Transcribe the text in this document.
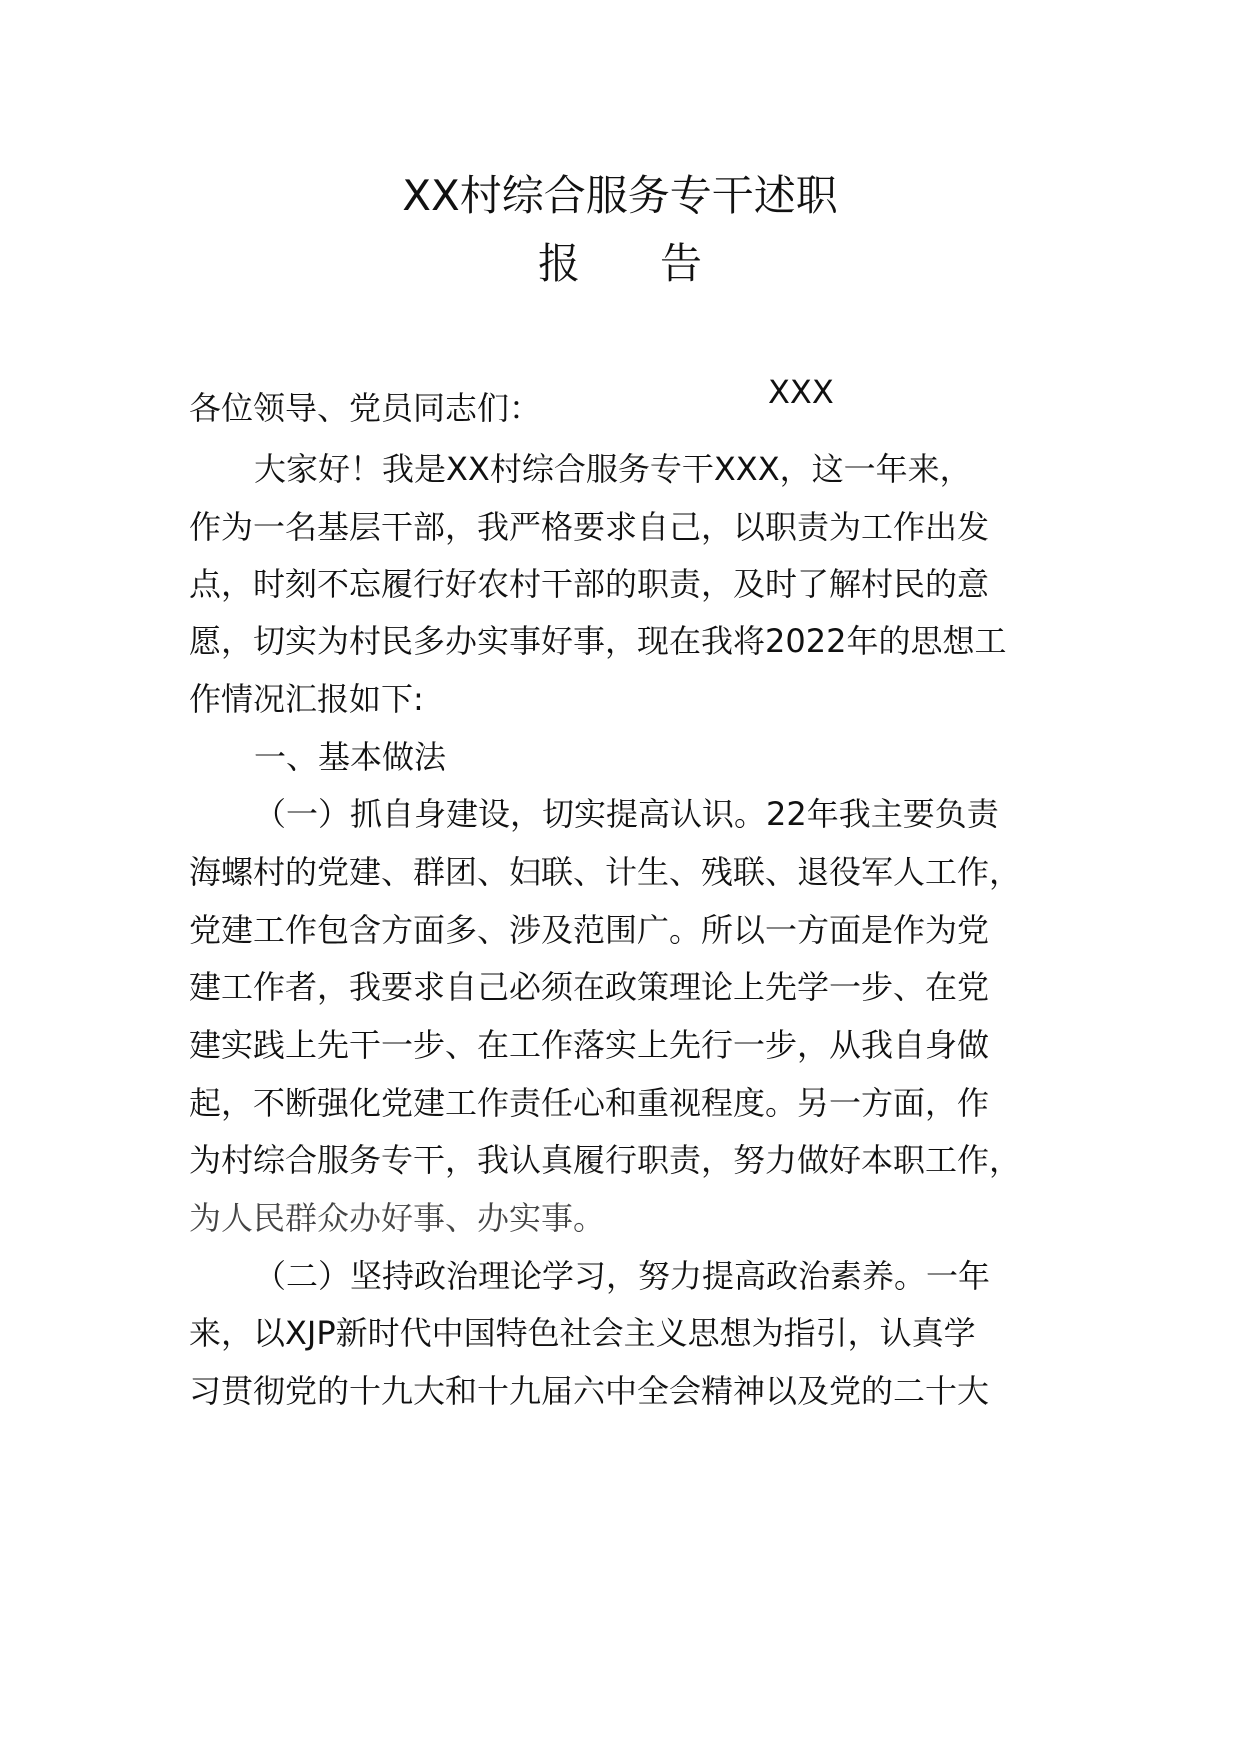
XX村综合服务专干述职
报      告
XXX
各位领导、党员同志们：
大家好！我是XX村综合服务专干XXX，这一年来，
作为一名基层干部，我严格要求自己，以职责为工作出发
点，时刻不忘履行好农村干部的职责，及时了解村民的意
愿，切实为村民多办实事好事，现在我将2022年的思想工
作情况汇报如下:
一、基本做法
（一）抓自身建设，切实提高认识。22年我主要负责
海螺村的党建、群团、妇联、计生、残联、退役军人工作，
党建工作包含方面多、涉及范围广。所以一方面是作为党
建工作者，我要求自己必须在政策理论上先学一步、在党
建实践上先干一步、在工作落实上先行一步，从我自身做
起，不断强化党建工作责任心和重视程度。另一方面，作
为村综合服务专干，我认真履行职责，努力做好本职工作，
为人民群众办好事、办实事。
（二）坚持政治理论学习，努力提高政治素养。一年
来，以XJP新时代中国特色社会主义思想为指引，认真学
习贯彻党的十九大和十九届六中全会精神以及党的二十大
